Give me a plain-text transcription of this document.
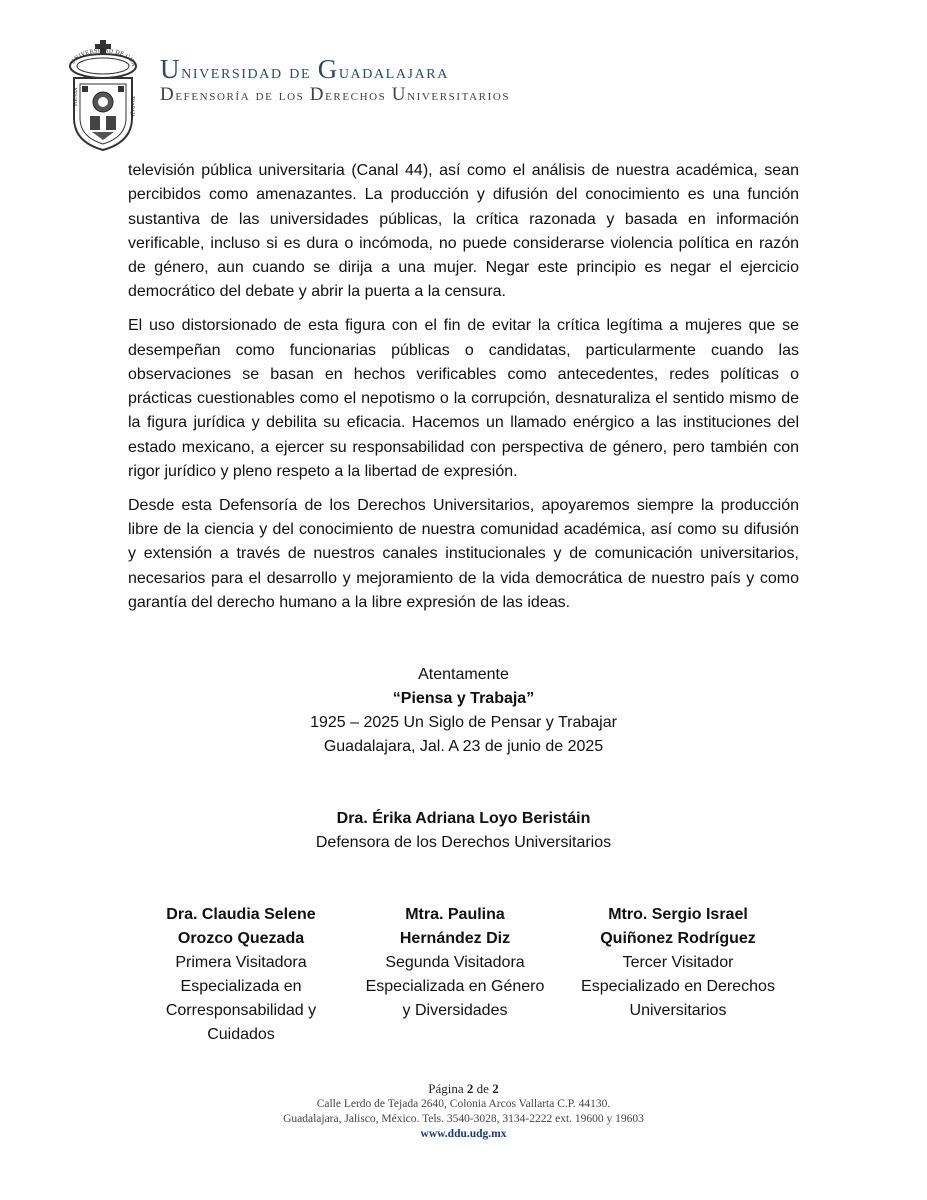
UNIVERSIDAD DE GUA
PIENSA	TRABAJA
Universidad de Guadalajara
Defensoría de los Derechos Universitarios

televisión pública universitaria (Canal 44), así como el análisis de nuestra académica, sean percibidos como amenazantes. La producción y difusión del conocimiento es una función sustantiva de las universidades públicas, la crítica razonada y basada en información verificable, incluso si es dura o incómoda, no puede considerarse violencia política en razón de género, aun cuando se dirija a una mujer. Negar este principio es negar el ejercicio democrático del debate y abrir la puerta a la censura.

El uso distorsionado de esta figura con el fin de evitar la crítica legítima a mujeres que se desempeñan como funcionarias públicas o candidatas, particularmente cuando las observaciones se basan en hechos verificables como antecedentes, redes políticas o prácticas cuestionables como el nepotismo o la corrupción, desnaturaliza el sentido mismo de la figura jurídica y debilita su eficacia. Hacemos un llamado enérgico a las instituciones del estado mexicano, a ejercer su responsabilidad con perspectiva de género, pero también con rigor jurídico y pleno respeto a la libertad de expresión.

Desde esta Defensoría de los Derechos Universitarios, apoyaremos siempre la producción libre de la ciencia y del conocimiento de nuestra comunidad académica, así como su difusión y extensión a través de nuestros canales institucionales y de comunicación universitarios, necesarios para el desarrollo y mejoramiento de la vida democrática de nuestro país y como garantía del derecho humano a la libre expresión de las ideas.

Atentamente
“Piensa y Trabaja”
1925 – 2025 Un Siglo de Pensar y Trabajar
Guadalajara, Jal. A 23 de junio de 2025
Dra. Érika Adriana Loyo Beristáin
Defensora de los Derechos Universitarios
Dra. Claudia Selene
Orozco Quezada
Primera Visitadora
Especializada en
Corresponsabilidad y
Cuidados
Mtra. Paulina
Hernández Diz
Segunda Visitadora
Especializada en Género
y Diversidades
Mtro. Sergio Israel
Quiñonez Rodríguez
Tercer Visitador
Especializado en Derechos
Universitarios
Página 2 de 2
Calle Lerdo de Tejada 2640, Colonia Arcos Vallarta C.P. 44130.
Guadalajara, Jalisco, México. Tels. 3540-3028, 3134-2222 ext. 19600 y 19603
www.ddu.udg.mx
